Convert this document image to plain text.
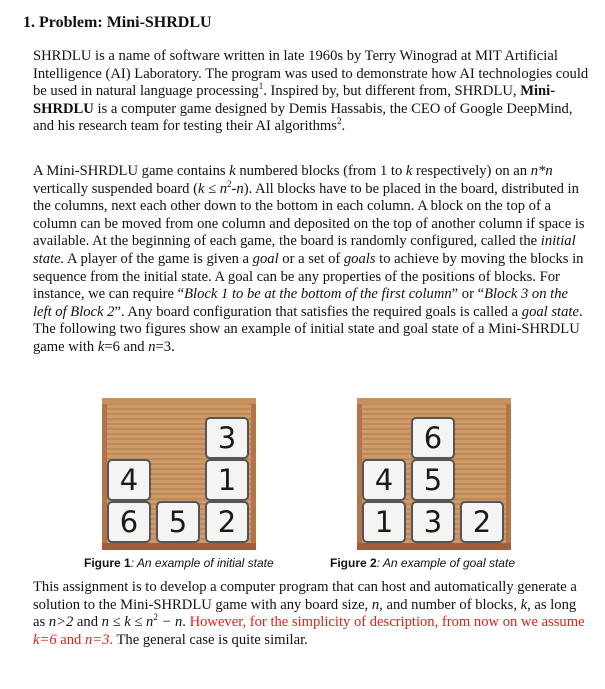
1. Problem: Mini-SHRDLU
SHRDLU is a name of software written in late 1960s by Terry Winograd at MIT Artificial Intelligence (AI) Laboratory. The program was used to demonstrate how AI technologies could be used in natural language processing$^1$. Inspired by, but different from, SHRDLU, Mini-SHRDLU is a computer game designed by Demis Hassabis, the CEO of Google DeepMind, and his research team for testing their AI algorithms$^2$.
A Mini-SHRDLU game contains k numbered blocks (from 1 to k respectively) on an n*n vertically suspended board $(k \le n^2-n)$. All blocks have to be placed in the board, distributed in the columns, next each other down to the bottom in each column. A block on the top of a column can be moved from one column and deposited on the top of another column if space is available. At the beginning of each game, the board is randomly configured, called the initial state. A player of the game is given a goal or a set of goals to achieve by moving the blocks in sequence from the initial state. A goal can be any properties of the positions of blocks. For instance, we can require “Block 1 to be at the bottom of the first column” or “Block 3 on the left of Block 2”. Any board configuration that satisfies the required goals is called a goal state. The following two figures show an example of initial state and goal state of a Mini-SHRDLU game with k=6 and n=3.
4
6	5
3
1
2
4
1
6
5
3	2
Figure 1: An example of initial state	Figure 2: An example of goal state
This assignment is to develop a computer program that can host and automatically generate a solution to the Mini-SHRDLU game with any board size, n, and number of blocks, k, as long as n>2 and $n \le k \le n^2 - n$. However, for the simplicity of description, from now on we assume k=6 and n=3. The general case is quite similar.
